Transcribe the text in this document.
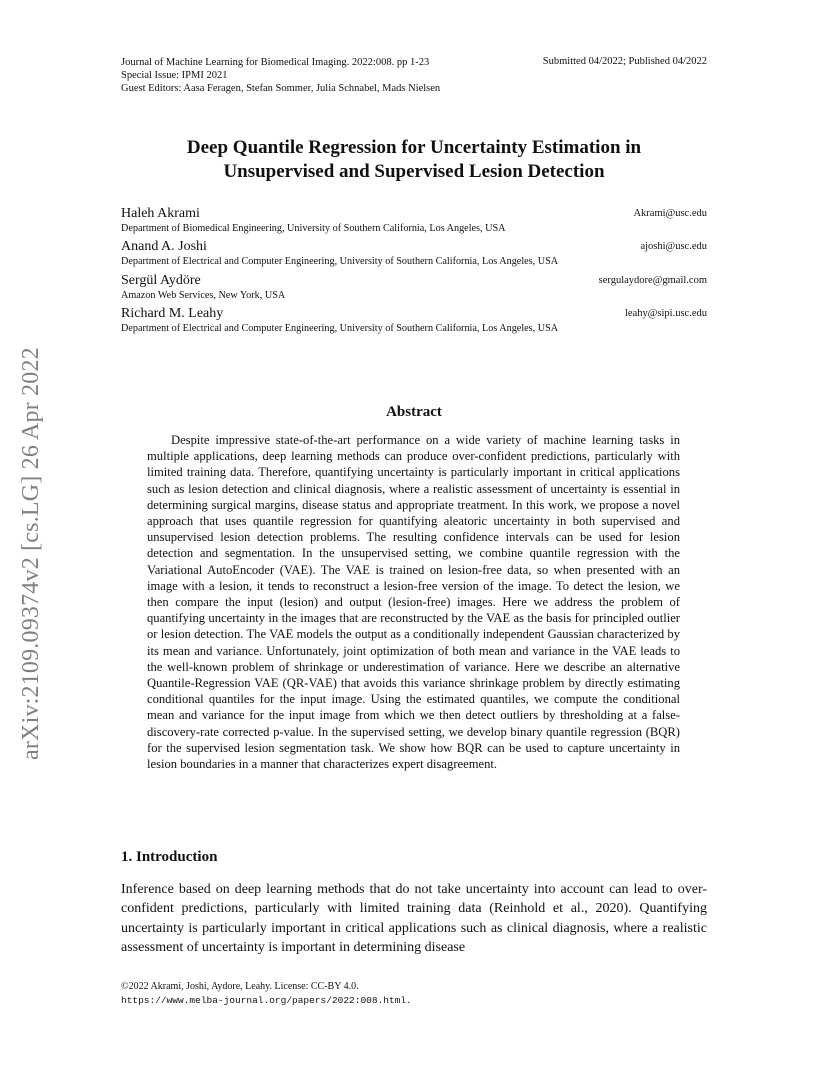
Journal of Machine Learning for Biomedical Imaging. 2022:008. pp 1-23	Submitted 04/2022; Published 04/2022
Special Issue: IPMI 2021
Guest Editors: Aasa Feragen, Stefan Sommer, Julia Schnabel, Mads Nielsen
arXiv:2109.09374v2 [cs.LG] 26 Apr 2022
Deep Quantile Regression for Uncertainty Estimation in
Unsupervised and Supervised Lesion Detection
Haleh Akrami	Akrami@usc.edu
Department of Biomedical Engineering, University of Southern California, Los Angeles, USA
Anand A. Joshi	ajoshi@usc.edu
Department of Electrical and Computer Engineering, University of Southern California, Los Angeles, USA
Sergül Aydöre	sergulaydore@gmail.com
Amazon Web Services, New York, USA
Richard M. Leahy	leahy@sipi.usc.edu
Department of Electrical and Computer Engineering, University of Southern California, Los Angeles, USA
Abstract

Despite impressive state-of-the-art performance on a wide variety of machine learning tasks in multiple applications, deep learning methods can produce over-confident predictions, particularly with limited training data. Therefore, quantifying uncertainty is particularly important in critical applications such as lesion detection and clinical diagnosis, where a realistic assessment of uncertainty is essential in determining surgical margins, disease status and appropriate treatment. In this work, we propose a novel approach that uses quantile regression for quantifying aleatoric uncertainty in both supervised and unsupervised lesion detection problems. The resulting confidence intervals can be used for lesion detection and segmentation. In the unsupervised setting, we combine quantile regression with the Variational AutoEncoder (VAE). The VAE is trained on lesion-free data, so when presented with an image with a lesion, it tends to reconstruct a lesion-free version of the image. To detect the lesion, we then compare the input (lesion) and output (lesion-free) images. Here we address the problem of quantifying uncertainty in the images that are reconstructed by the VAE as the basis for principled outlier or lesion detection. The VAE models the output as a conditionally independent Gaussian characterized by its mean and variance. Unfortunately, joint optimization of both mean and variance in the VAE leads to the well-known problem of shrinkage or underestimation of variance. Here we describe an alternative Quantile-Regression VAE (QR-VAE) that avoids this variance shrinkage problem by directly estimating conditional quantiles for the input image. Using the estimated quantiles, we compute the conditional mean and variance for the input image from which we then detect outliers by thresholding at a false-discovery-rate corrected p-value. In the supervised setting, we develop binary quantile regression (BQR) for the supervised lesion segmentation task. We show how BQR can be used to capture uncertainty in lesion boundaries in a manner that characterizes expert disagreement.

1. Introduction

Inference based on deep learning methods that do not take uncertainty into account can lead to over-confident predictions, particularly with limited training data (Reinhold et al., 2020). Quantifying uncertainty is particularly important in critical applications such as clinical diagnosis, where a realistic assessment of uncertainty is important in determining disease

©2022 Akrami, Joshi, Aydore, Leahy. License: CC-BY 4.0.
https://www.melba-journal.org/papers/2022:008.html.
